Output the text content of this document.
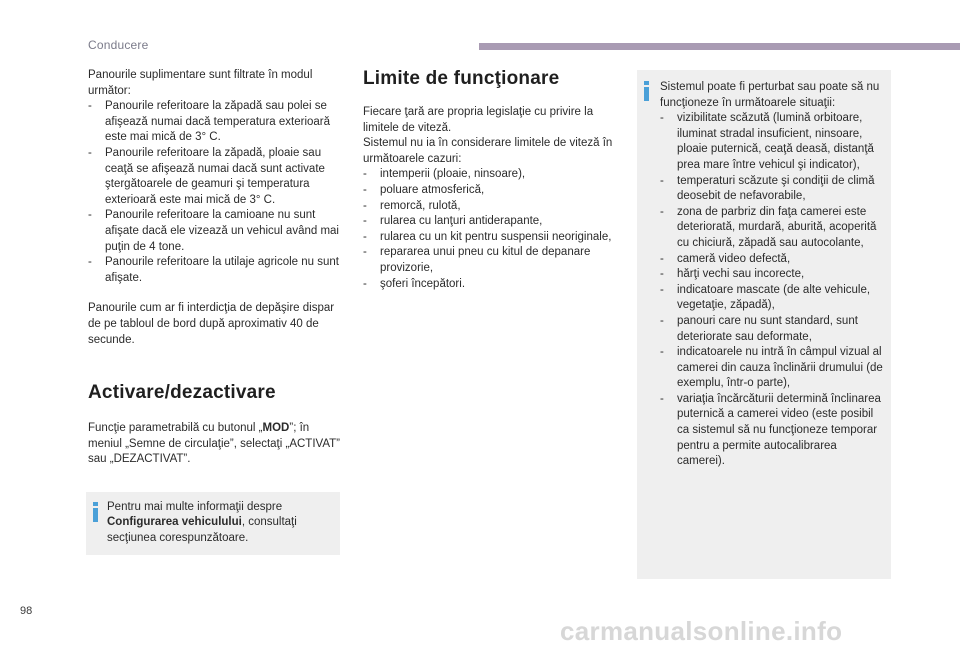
Conducere

Panourile suplimentare sunt filtrate în modul următor:

- Panourile referitoare la zăpadă sau polei se afişează numai dacă temperatura exterioară este mai mică de 3° C.
- Panourile referitoare la zăpadă, ploaie sau ceaţă se afişează numai dacă sunt activate ştergătoarele de geamuri şi temperatura exterioară este mai mică de 3° C.
- Panourile referitoare la camioane nu sunt afişate dacă ele vizează un vehicul având mai puţin de 4 tone.
- Panourile referitoare la utilaje agricole nu sunt afişate.

Panourile cum ar fi interdicţia de depăşire dispar de pe tabloul de bord după aproximativ 40 de secunde.

Activare/dezactivare

Funcţie parametrabilă cu butonul „MOD”; în meniul „Semne de circulaţie”, selectaţi „ACTIVAT” sau „DEZACTIVAT”.

Pentru mai multe informaţii despre Configurarea vehiculului, consultaţi secţiunea corespunzătoare.

Limite de funcţionare

Fiecare ţară are propria legislaţie cu privire la limitele de viteză.

Sistemul nu ia în considerare limitele de viteză în următoarele cazuri:

- intemperii (ploaie, ninsoare),
- poluare atmosferică,
- remorcă, rulotă,
- rularea cu lanţuri antiderapante,
- rularea cu un kit pentru suspensii neoriginale,
- repararea unui pneu cu kitul de depanare provizorie,
- şoferi începători.

Sistemul poate fi perturbat sau poate să nu funcţioneze în următoarele situaţii:

- vizibilitate scăzută (lumină orbitoare, iluminat stradal insuficient, ninsoare, ploaie puternică, ceaţă deasă, distanţă prea mare între vehicul şi indicator),
- temperaturi scăzute şi condiţii de climă deosebit de nefavorabile,
- zona de parbriz din faţa camerei este deteriorată, murdară, aburită, acoperită cu chiciură, zăpadă sau autocolante,
- cameră video defectă,
- hărţi vechi sau incorecte,
- indicatoare mascate (de alte vehicule, vegetaţie, zăpadă),
- panouri care nu sunt standard, sunt deteriorate sau deformate,
- indicatoarele nu intră în câmpul vizual al camerei din cauza înclinării drumului (de exemplu, într-o parte),
- variaţia încărcăturii determină înclinarea puternică a camerei video (este posibil ca sistemul să nu funcţioneze temporar pentru a permite autocalibrarea camerei).
98
carmanualsonline.info
